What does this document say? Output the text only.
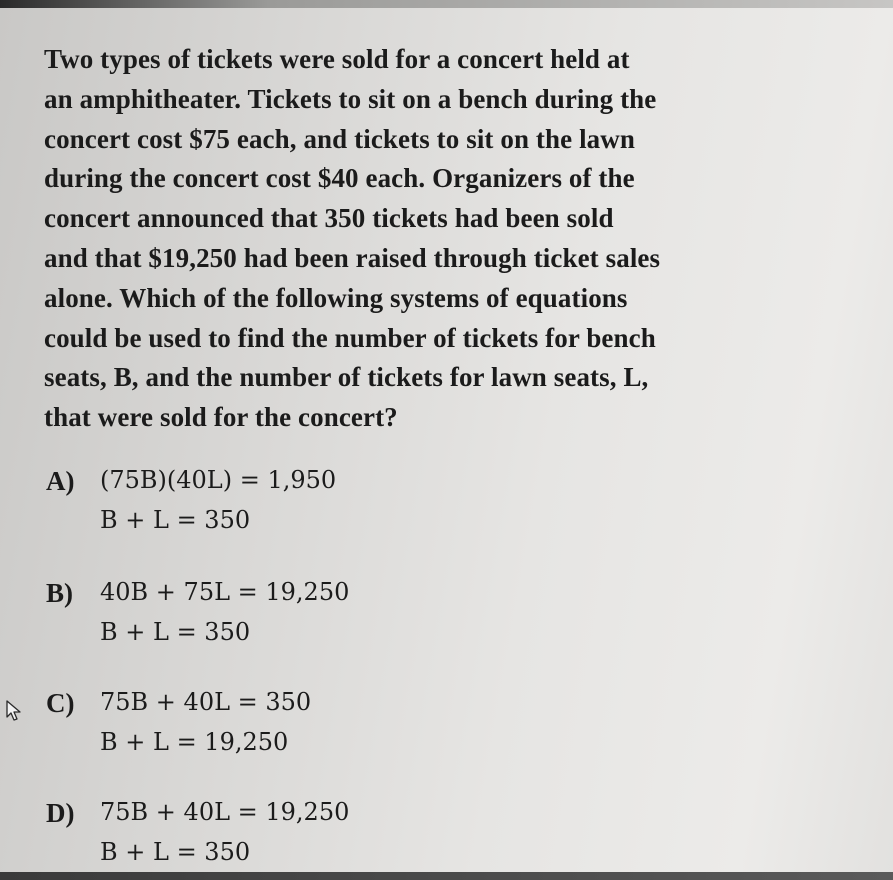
Two types of tickets were sold for a concert held at
an amphitheater. Tickets to sit on a bench during the
concert cost $75 each, and tickets to sit on the lawn
during the concert cost $40 each. Organizers of the
concert announced that 350 tickets had been sold
and that $19,250 had been raised through ticket sales
alone. Which of the following systems of equations
could be used to find the number of tickets for bench
seats, B, and the number of tickets for lawn seats, L,
that were sold for the concert?
A) (75B)(40L) = 1,950
B + L = 350
B) 40B + 75L = 19,250
B + L = 350
C) 75B + 40L = 350
B + L = 19,250
D) 75B + 40L = 19,250
B + L = 350
